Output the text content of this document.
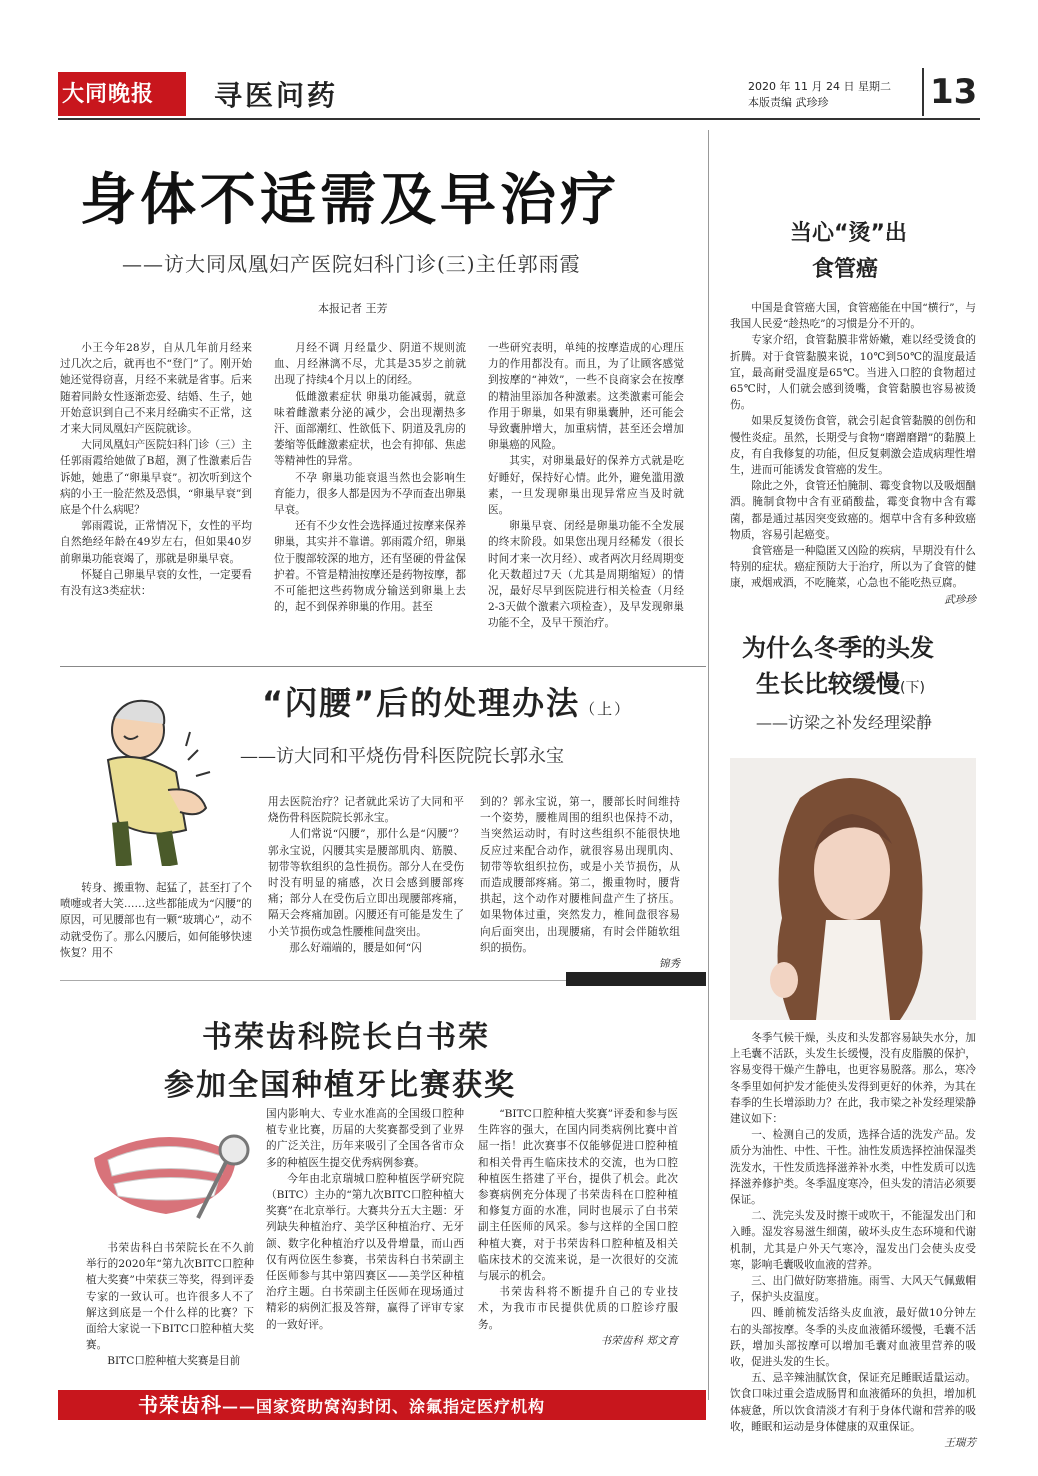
大同晚报 寻医问药	2020 年 11 月 24 日 星期二
本版责编 武珍珍	13
身体不适需及早治疗
——访大同凤凰妇产医院妇科门诊(三)主任郭雨霞
本报记者 王芳

小王今年28岁，自从几年前月经来过几次之后，就再也不“登门”了。刚开始她还觉得窃喜，月经不来就是省事。后来随着同龄女性逐渐恋爱、结婚、生子，她开始意识到自己不来月经确实不正常，这才来大同凤凰妇产医院就诊。

大同凤凰妇产医院妇科门诊（三）主任郭雨霞给她做了B超，测了性激素后告诉她，她患了“卵巢早衰”。初次听到这个病的小王一脸茫然及恐惧，“卵巢早衰”到底是个什么病呢？

郭雨霞说，正常情况下，女性的平均自然绝经年龄在49岁左右，但如果40岁前卵巢功能衰竭了，那就是卵巢早衰。

怀疑自己卵巢早衰的女性，一定要看有没有这3类症状：

月经不调 月经量少、阴道不规则流血、月经淋漓不尽，尤其是35岁之前就出现了持续4个月以上的闭经。

低雌激素症状 卵巢功能减弱，就意味着雌激素分泌的减少，会出现潮热多汗、面部潮红、性欲低下、阴道及乳房的萎缩等低雌激素症状，也会有抑郁、焦虑等精神性的异常。

不孕 卵巢功能衰退当然也会影响生育能力，很多人都是因为不孕而查出卵巢早衰。

还有不少女性会选择通过按摩来保养卵巢，其实并不靠谱。郭雨霞介绍，卵巢位于腹部较深的地方，还有坚硬的骨盆保护着。不管是精油按摩还是药物按摩，都不可能把这些药物成分输送到卵巢上去的，起不到保养卵巢的作用。甚至

一些研究表明，单纯的按摩造成的心理压力的作用都没有。而且，为了让顾客感觉到按摩的“神效”，一些不良商家会在按摩的精油里添加各种激素。这类激素可能会作用于卵巢，如果有卵巢囊肿，还可能会导致囊肿增大，加重病情，甚至还会增加卵巢癌的风险。

其实，对卵巢最好的保养方式就是吃好睡好，保持好心情。此外，避免滥用激素，一旦发现卵巢出现异常应当及时就医。

卵巢早衰、闭经是卵巢功能不全发展的终末阶段。如果您出现月经稀发（很长时间才来一次月经）、或者两次月经周期变化天数超过7天（尤其是周期缩短）的情况，最好尽早到医院进行相关检查（月经2-3天做个激素六项检查），及早发现卵巢功能不全，及早干预治疗。

“闪腰”后的处理办法（上）
——访大同和平烧伤骨科医院院长郭永宝

转身、搬重物、起猛了，甚至打了个喷嚏或者大笑……这些都能成为“闪腰”的原因，可见腰部也有一颗“玻璃心”，动不动就受伤了。那么闪腰后，如何能够快速恢复？用不

用去医院治疗？记者就此采访了大同和平烧伤骨科医院院长郭永宝。

人们常说“闪腰”，那什么是“闪腰”？郭永宝说，闪腰其实是腰部肌肉、筋膜、韧带等软组织的急性损伤。部分人在受伤时没有明显的痛感，次日会感到腰部疼痛；部分人在受伤后立即出现腰部疼痛，隔天会疼痛加剧。闪腰还有可能是发生了小关节损伤或急性腰椎间盘突出。

那么好端端的，腰是如何“闪

到的？郭永宝说，第一，腰部长时间维持一个姿势，腰椎周围的组织也保持不动，当突然运动时，有时这些组织不能很快地反应过来配合动作，就很容易出现肌肉、韧带等软组织拉伤，或是小关节损伤，从而造成腰部疼痛。第二，搬重物时，腰背拱起，这个动作对腰椎间盘产生了挤压。如果物体过重，突然发力，椎间盘很容易向后面突出，出现腰痛，有时会伴随软组织的损伤。

锦秀
书荣齿科院长白书荣
参加全国种植牙比赛获奖

书荣齿科白书荣院长在不久前举行的2020年“第九次BITC口腔种植大奖赛”中荣获三等奖，得到评委专家的一致认可。也许很多人不了解这到底是一个什么样的比赛？下面给大家说一下BITC口腔种植大奖赛。

BITC口腔种植大奖赛是目前

国内影响大、专业水准高的全国级口腔种植专业比赛，历届的大奖赛都受到了业界的广泛关注，历年来吸引了全国各省市众多的种植医生提交优秀病例参赛。

今年由北京瑞城口腔种植医学研究院（BITC）主办的“第九次BITC口腔种植大奖赛”在北京举行。大赛共分五大主题：牙列缺失种植治疗、美学区种植治疗、无牙颌、数字化种植治疗以及骨增量，而山西仅有两位医生参赛，书荣齿科白书荣副主任医师参与其中第四赛区——美学区种植治疗主题。白书荣副主任医师在现场通过精彩的病例汇报及答辩，赢得了评审专家的一致好评。

“BITC口腔种植大奖赛”评委和参与医生阵容的强大，在国内同类病例比赛中首屈一指！此次赛事不仅能够促进口腔种植和相关骨再生临床技术的交流，也为口腔种植医生搭建了平台，提供了机会。此次参赛病例充分体现了书荣齿科在口腔种植和修复方面的水准，同时也展示了白书荣副主任医师的风采。参与这样的全国口腔种植大赛，对于书荣齿科口腔种植及相关临床技术的交流来说，是一次很好的交流与展示的机会。

书荣齿科将不断提升自己的专业技术，为我市市民提供优质的口腔诊疗服务。

书荣齿科 郑文育
书荣齿科——国家资助窝沟封闭、涂氟指定医疗机构
当心“烫”出
食管癌

中国是食管癌大国，食管癌能在中国“横行”，与我国人民爱“趁热吃”的习惯是分不开的。

专家介绍，食管黏膜非常娇嫩，难以经受烫食的折腾。对于食管黏膜来说，10℃到50℃的温度最适宜，最高耐受温度是65℃。当进入口腔的食物超过65℃时，人们就会感到烫嘴，食管黏膜也容易被烫伤。

如果反复烫伤食管，就会引起食管黏膜的创伤和慢性炎症。虽然，长期受与食物“磨蹭磨蹭”的黏膜上皮，有自我修复的功能，但反复刺激会造成病理性增生，进而可能诱发食管癌的发生。

除此之外，食管还怕腌制、霉变食物以及吸烟酗酒。腌制食物中含有亚硝酸盐，霉变食物中含有霉菌，都是通过基因突变致癌的。烟草中含有多种致癌物质，容易引起癌变。

食管癌是一种隐匿又凶险的疾病，早期没有什么特别的症状。癌症预防大于治疗，所以为了食管的健康，戒烟戒酒，不吃腌菜，心急也不能吃热豆腐。

武珍珍
为什么冬季的头发
生长比较缓慢(下)
——访梁之补发经理梁静

冬季气候干燥，头皮和头发都容易缺失水分，加上毛囊不活跃，头发生长缓慢，没有皮脂膜的保护，容易变得干燥产生静电，也更容易脱落。那么，寒冷冬季里如何护发才能使头发得到更好的休养，为其在春季的生长增添助力？在此，我市梁之补发经理梁静建议如下：

一、检测自己的发质，选择合适的洗发产品。发质分为油性、中性、干性。油性发质选择控油保湿类洗发水，干性发质选择滋养补水类，中性发质可以选择滋养修护类。冬季温度寒冷，但头发的清洁必须要保证。

二、洗完头发及时擦干或吹干，不能湿发出门和入睡。湿发容易滋生细菌，破坏头皮生态环境和代谢机制，尤其是户外天气寒冷，湿发出门会使头皮受寒，影响毛囊吸收血液的营养。

三、出门做好防寒措施。雨雪、大风天气佩戴帽子，保护头皮温度。

四、睡前梳发活络头皮血液，最好做10分钟左右的头部按摩。冬季的头皮血液循环缓慢，毛囊不活跃，增加头部按摩可以增加毛囊对血液里营养的吸收，促进头发的生长。

五、忌辛辣油腻饮食，保证充足睡眠适量运动。饮食口味过重会造成肠胃和血液循环的负担，增加机体疲惫，所以饮食清淡才有利于身体代谢和营养的吸收，睡眠和运动是身体健康的双重保证。

王瑞芳
